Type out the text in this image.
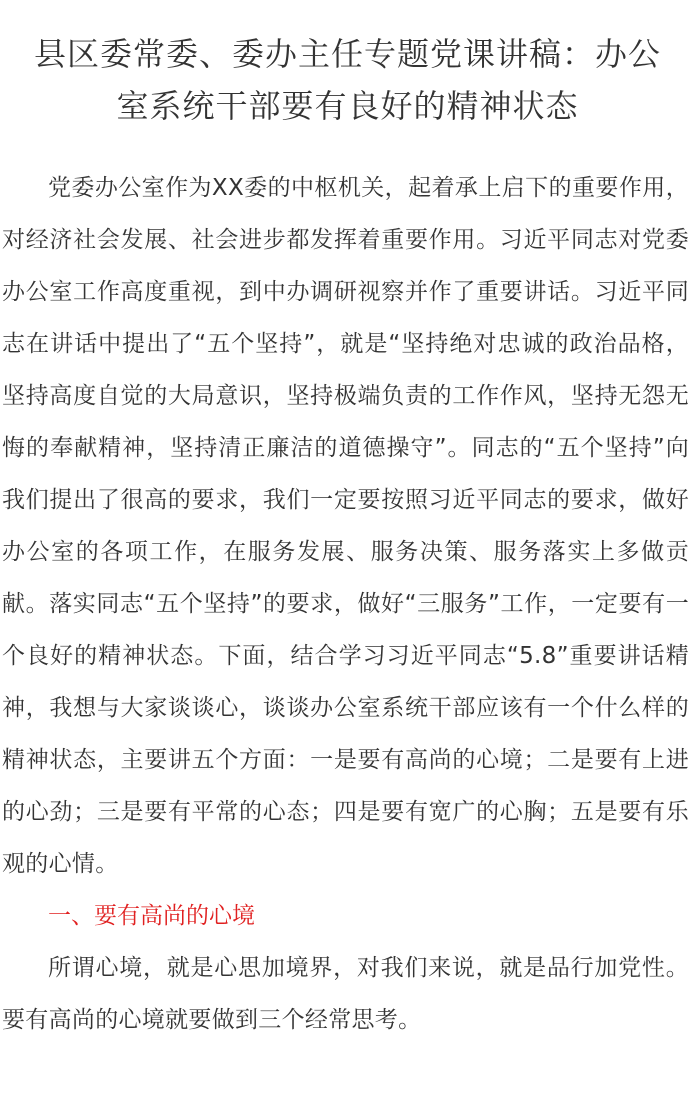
县区委常委、委办主任专题党课讲稿：办公
室系统干部要有良好的精神状态

党委办公室作为XX委的中枢机关，起着承上启下的重要作用，对经济社会发展、社会进步都发挥着重要作用。习近平同志对党委办公室工作高度重视，到中办调研视察并作了重要讲话。习近平同志在讲话中提出了“五个坚持”，就是“坚持绝对忠诚的政治品格，坚持高度自觉的大局意识，坚持极端负责的工作作风，坚持无怨无悔的奉献精神，坚持清正廉洁的道德操守”。同志的“五个坚持”向我们提出了很高的要求，我们一定要按照习近平同志的要求，做好办公室的各项工作，在服务发展、服务决策、服务落实上多做贡献。落实同志“五个坚持”的要求，做好“三服务”工作，一定要有一个良好的精神状态。下面，结合学习习近平同志“5.8”重要讲话精神，我想与大家谈谈心，谈谈办公室系统干部应该有一个什么样的精神状态，主要讲五个方面：一是要有高尚的心境；二是要有上进的心劲；三是要有平常的心态；四是要有宽广的心胸；五是要有乐观的心情。

一、要有高尚的心境

所谓心境，就是心思加境界，对我们来说，就是品行加党性。要有高尚的心境就要做到三个经常思考。
